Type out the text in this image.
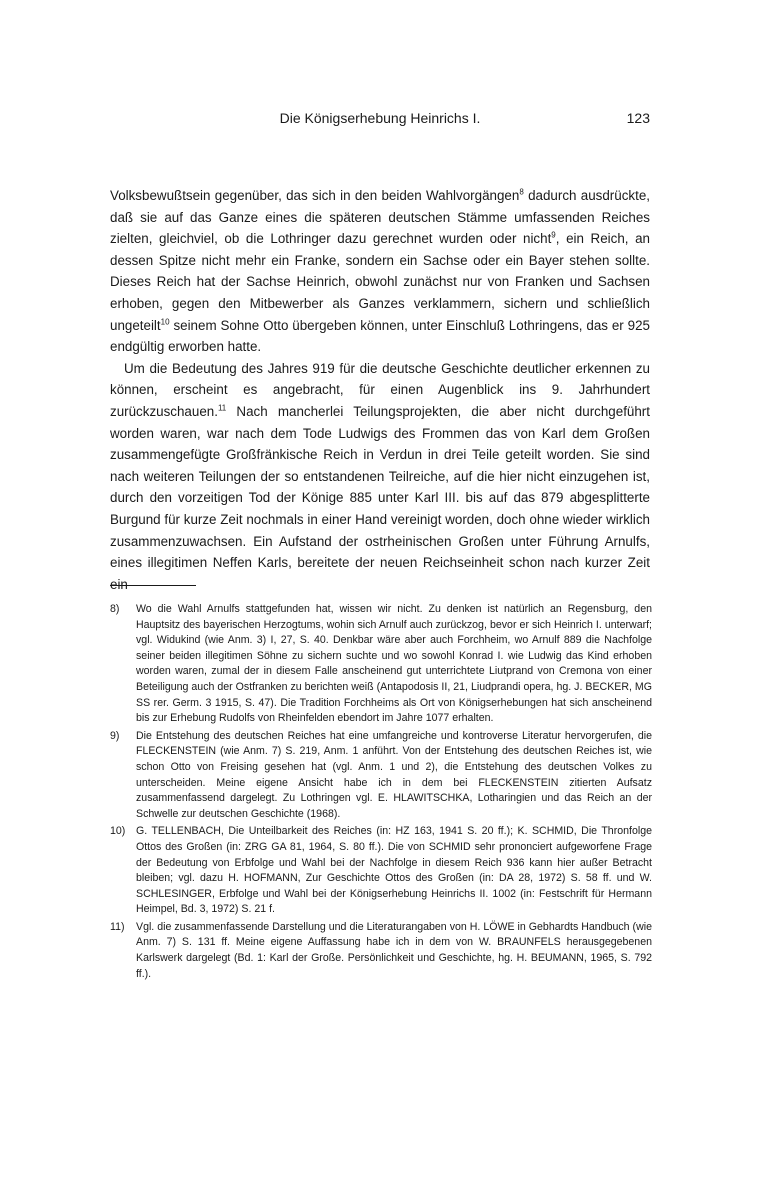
Die Königserhebung Heinrichs I.	123

Volksbewußtsein gegenüber, das sich in den beiden Wahlvorgängen$^8$ dadurch ausdrückte, daß sie auf das Ganze eines die späteren deutschen Stämme umfassenden Reiches zielten, gleichviel, ob die Lothringer dazu gerechnet wurden oder nicht$^9$, ein Reich, an dessen Spitze nicht mehr ein Franke, sondern ein Sachse oder ein Bayer stehen sollte. Dieses Reich hat der Sachse Heinrich, obwohl zunächst nur von Franken und Sachsen erhoben, gegen den Mitbewerber als Ganzes verklammern, sichern und schließlich ungeteilt$^{10}$ seinem Sohne Otto übergeben können, unter Einschluß Lothringens, das er 925 endgültig erworben hatte.

Um die Bedeutung des Jahres 919 für die deutsche Geschichte deutlicher erkennen zu können, erscheint es angebracht, für einen Augenblick ins 9. Jahrhundert zurückzuschauen.$^{11}$ Nach mancherlei Teilungsprojekten, die aber nicht durchgeführt worden waren, war nach dem Tode Ludwigs des Frommen das von Karl dem Großen zusammengefügte Großfränkische Reich in Verdun in drei Teile geteilt worden. Sie sind nach weiteren Teilungen der so entstandenen Teilreiche, auf die hier nicht einzugehen ist, durch den vorzeitigen Tod der Könige 885 unter Karl III. bis auf das 879 abgesplitterte Burgund für kurze Zeit nochmals in einer Hand vereinigt worden, doch ohne wieder wirklich zusammenzuwachsen. Ein Aufstand der ostrheinischen Großen unter Führung Arnulfs, eines illegitimen Neffen Karls, bereitete der neuen Reichseinheit schon nach kurzer Zeit ein

8) Wo die Wahl Arnulfs stattgefunden hat, wissen wir nicht. Zu denken ist natürlich an Regensburg, den Hauptsitz des bayerischen Herzogtums, wohin sich Arnulf auch zurückzog, bevor er sich Heinrich I. unterwarf; vgl. Widukind (wie Anm. 3) I, 27, S. 40. Denkbar wäre aber auch Forchheim, wo Arnulf 889 die Nachfolge seiner beiden illegitimen Söhne zu sichern suchte und wo sowohl Konrad I. wie Ludwig das Kind erhoben worden waren, zumal der in diesem Falle anscheinend gut unterrichtete Liutprand von Cremona von einer Beteiligung auch der Ostfranken zu berichten weiß (Antapodosis II, 21, Liudprandi opera, hg. J. BECKER, MG SS rer. Germ. 3 1915, S. 47). Die Tradition Forchheims als Ort von Königserhebungen hat sich anscheinend bis zur Erhebung Rudolfs von Rheinfelden ebendort im Jahre 1077 erhalten.
9) Die Entstehung des deutschen Reiches hat eine umfangreiche und kontroverse Literatur hervorgerufen, die FLECKENSTEIN (wie Anm. 7) S. 219, Anm. 1 anführt. Von der Entstehung des deutschen Reiches ist, wie schon Otto von Freising gesehen hat (vgl. Anm. 1 und 2), die Entstehung des deutschen Volkes zu unterscheiden. Meine eigene Ansicht habe ich in dem bei FLECKENSTEIN zitierten Aufsatz zusammenfassend dargelegt. Zu Lothringen vgl. E. HLAWITSCHKA, Lotharingien und das Reich an der Schwelle zur deutschen Geschichte (1968).
10) G. TELLENBACH, Die Unteilbarkeit des Reiches (in: HZ 163, 1941 S. 20 ff.); K. SCHMID, Die Thronfolge Ottos des Großen (in: ZRG GA 81, 1964, S. 80 ff.). Die von SCHMID sehr prononciert aufgeworfene Frage der Bedeutung von Erbfolge und Wahl bei der Nachfolge in diesem Reich 936 kann hier außer Betracht bleiben; vgl. dazu H. HOFMANN, Zur Geschichte Ottos des Großen (in: DA 28, 1972) S. 58 ff. und W. SCHLESINGER, Erbfolge und Wahl bei der Königserhebung Heinrichs II. 1002 (in: Festschrift für Hermann Heimpel, Bd. 3, 1972) S. 21 f.
11) Vgl. die zusammenfassende Darstellung und die Literaturangaben von H. LÖWE in Gebhardts Handbuch (wie Anm. 7) S. 131 ff. Meine eigene Auffassung habe ich in dem von W. BRAUNFELS herausgegebenen Karlswerk dargelegt (Bd. 1: Karl der Große. Persönlichkeit und Geschichte, hg. H. BEUMANN, 1965, S. 792 ff.).
